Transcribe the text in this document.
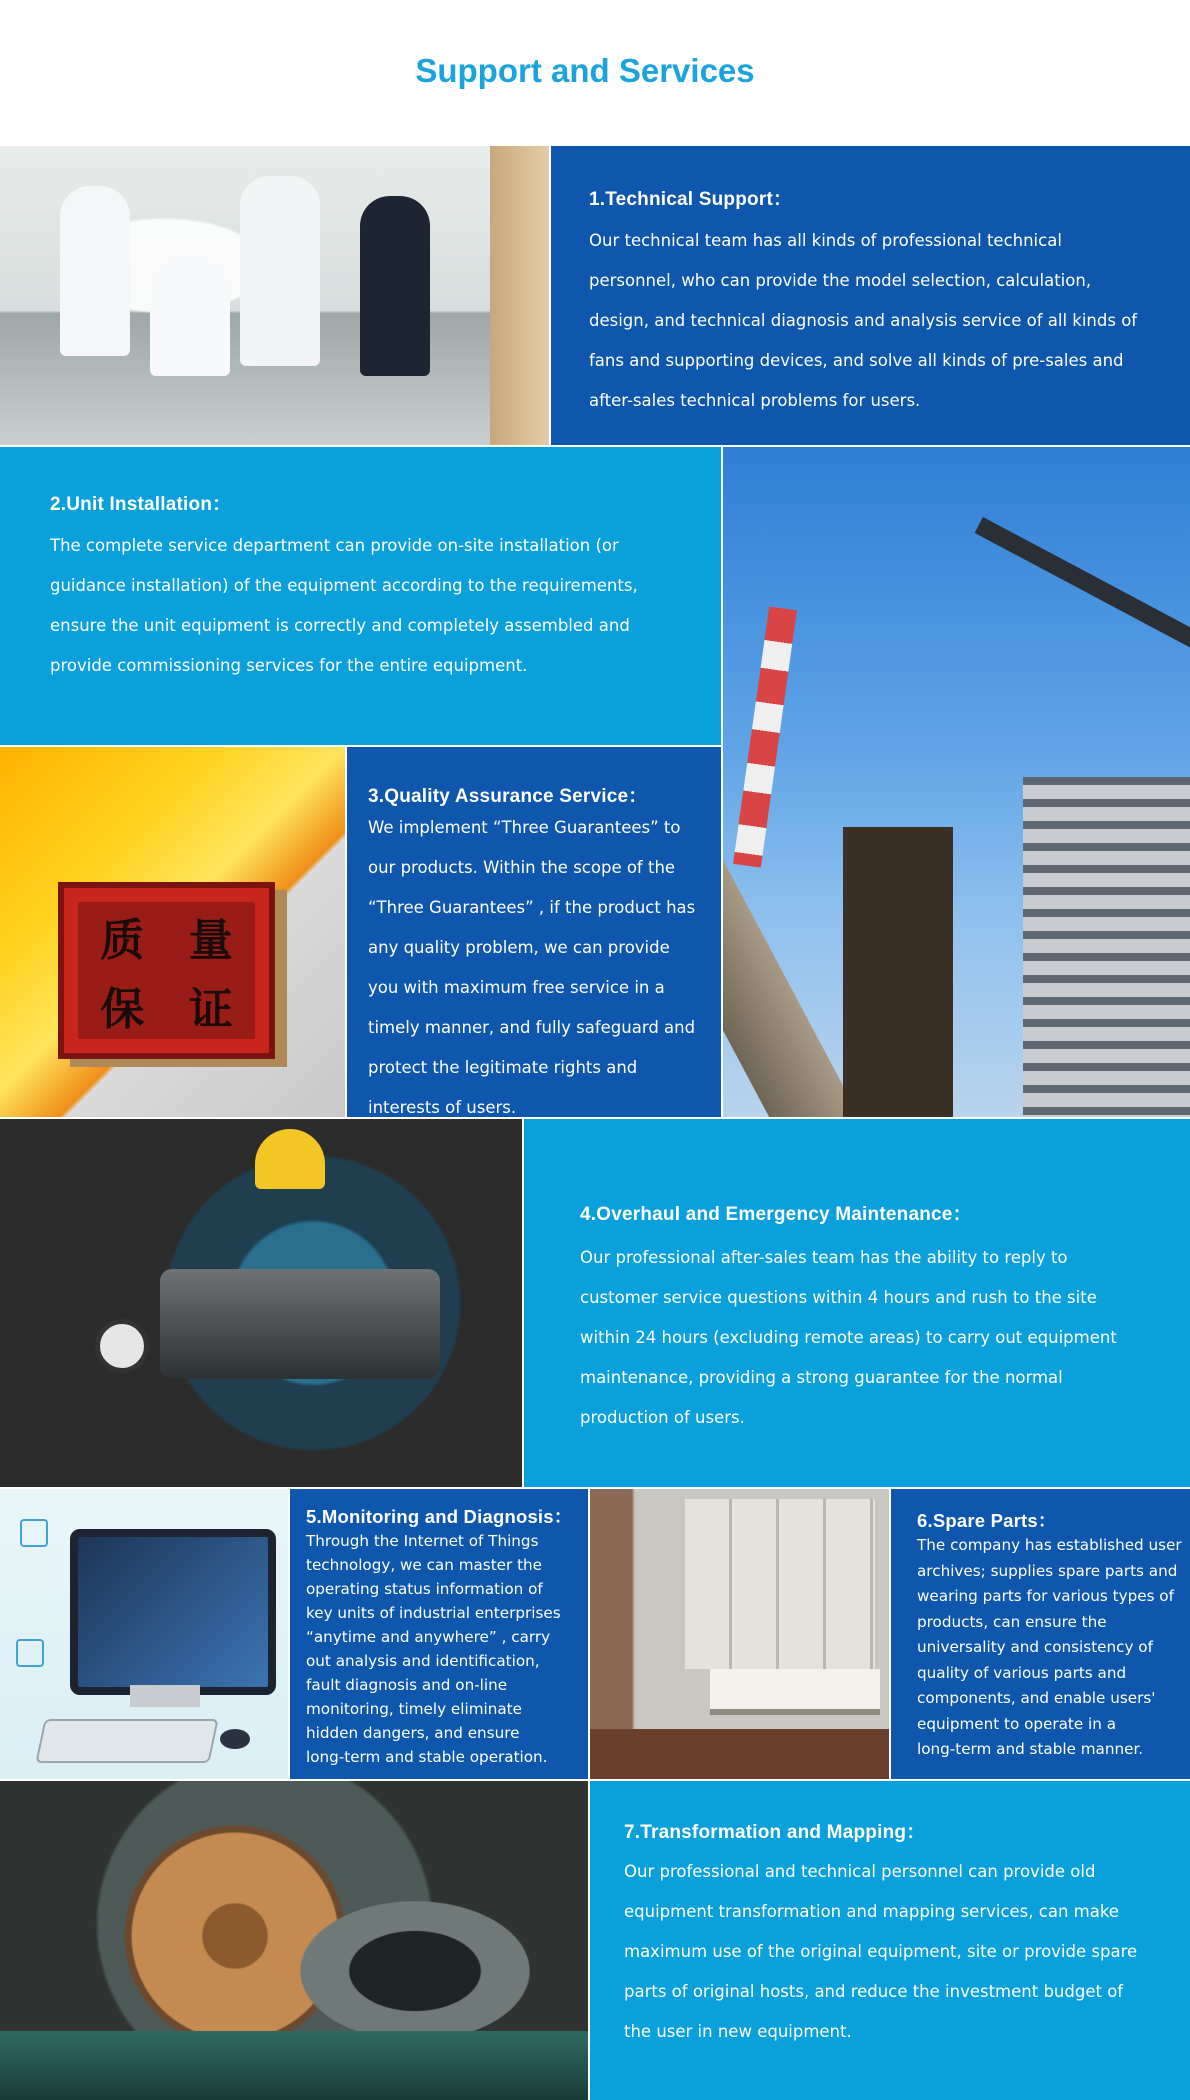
Support and Services
1.Technical Support：

Our technical team has all kinds of professional technical

personnel, who can provide the model selection, calculation,

design, and technical diagnosis and analysis service of all kinds of

fans and supporting devices, and solve all kinds of pre-sales and

after-sales technical problems for users.

2.Unit Installation：

The complete service department can provide on-site installation (or

guidance installation) of the equipment according to the requirements,

ensure the unit equipment is correctly and completely assembled and

provide commissioning services for the entire equipment.

质	量
保	证
3.Quality Assurance Service：

We implement “Three Guarantees” to

our products. Within the scope of the

“Three Guarantees” , if the product has

any quality problem, we can provide

you with maximum free service in a

timely manner, and fully safeguard and

protect the legitimate rights and

interests of users.

4.Overhaul and Emergency Maintenance：

Our professional after-sales team has the ability to reply to

customer service questions within 4 hours and rush to the site

within 24 hours (excluding remote areas) to carry out equipment

maintenance, providing a strong guarantee for the normal

production of users.

5.Monitoring and Diagnosis：

Through the Internet of Things

technology, we can master the

operating status information of

key units of industrial enterprises

“anytime and anywhere” , carry

out analysis and identification,

fault diagnosis and on-line

monitoring, timely eliminate

hidden dangers, and ensure

long-term and stable operation.

6.Spare Parts：

The company has established user

archives; supplies spare parts and

wearing parts for various types of

products, can ensure the

universality and consistency of

quality of various parts and

components, and enable users'

equipment to operate in a

long-term and stable manner.

7.Transformation and Mapping：

Our professional and technical personnel can provide old

equipment transformation and mapping services, can make

maximum use of the original equipment, site or provide spare

parts of original hosts, and reduce the investment budget of

the user in new equipment.
